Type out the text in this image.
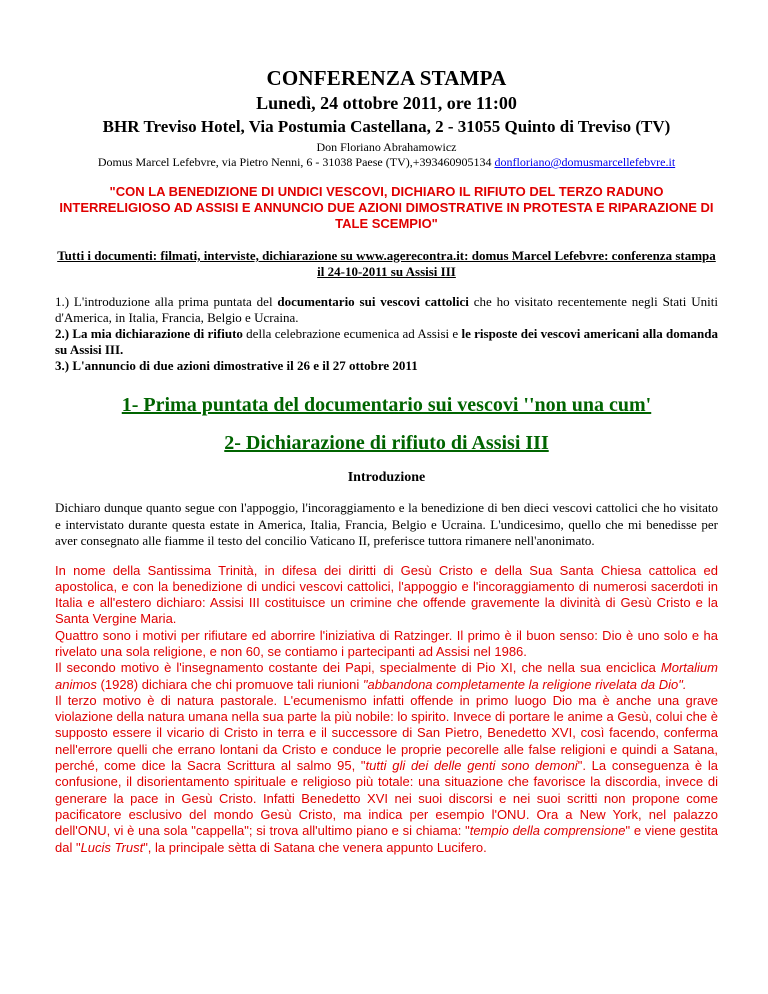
CONFERENZA STAMPA
Lunedì, 24 ottobre 2011, ore 11:00
BHR Treviso Hotel, Via Postumia Castellana, 2 - 31055 Quinto di Treviso (TV)
Don Floriano Abrahamowicz
Domus Marcel Lefebvre, via Pietro Nenni, 6 - 31038 Paese (TV),+393460905134 donfloriano@domusmarcellefebvre.it
"CON LA BENEDIZIONE DI UNDICI VESCOVI, DICHIARO IL RIFIUTO DEL TERZO RADUNO INTERRELIGIOSO AD ASSISI E ANNUNCIO DUE AZIONI DIMOSTRATIVE IN PROTESTA E RIPARAZIONE DI TALE SCEMPIO"
Tutti i documenti: filmati, interviste, dichiarazione su www.agerecontra.it: domus Marcel Lefebvre: conferenza stampa il 24-10-2011 su Assisi III

1.) L'introduzione alla prima puntata del documentario sui vescovi cattolici che ho visitato recentemente negli Stati Uniti d'America, in Italia, Francia, Belgio e Ucraina.

2.) La mia dichiarazione di rifiuto della celebrazione ecumenica ad Assisi e le risposte dei vescovi americani alla domanda su Assisi III.

3.) L'annuncio di due azioni dimostrative il 26 e il 27 ottobre 2011

1- Prima puntata del documentario sui vescovi ''non una cum'
2- Dichiarazione di rifiuto di Assisi III
Introduzione
Dichiaro dunque quanto segue con l'appoggio, l'incoraggiamento e la benedizione di ben dieci vescovi cattolici che ho visitato e intervistato durante questa estate in America, Italia, Francia, Belgio e Ucraina. L'undicesimo, quello che mi benedisse per aver consegnato alle fiamme il testo del concilio Vaticano II, preferisce tuttora rimanere nell'anonimato.

In nome della Santissima Trinità, in difesa dei diritti di Gesù Cristo e della Sua Santa Chiesa cattolica ed apostolica, e con la benedizione di undici vescovi cattolici, l'appoggio e l'incoraggiamento di numerosi sacerdoti in Italia e all'estero dichiaro: Assisi III costituisce un crimine che offende gravemente la divinità di Gesù Cristo e la Santa Vergine Maria.

Quattro sono i motivi per rifiutare ed aborrire l'iniziativa di Ratzinger. Il primo è il buon senso: Dio è uno solo e ha rivelato una sola religione, e non 60, se contiamo i partecipanti ad Assisi nel 1986.

Il secondo motivo è l'insegnamento costante dei Papi, specialmente di Pio XI, che nella sua enciclica Mortalium animos (1928) dichiara che chi promuove tali riunioni "abbandona completamente la religione rivelata da Dio".

Il terzo motivo è di natura pastorale. L'ecumenismo infatti offende in primo luogo Dio ma è anche una grave violazione della natura umana nella sua parte la più nobile: lo spirito. Invece di portare le anime a Gesù, colui che è supposto essere il vicario di Cristo in terra e il successore di San Pietro, Benedetto XVI, così facendo, conferma nell'errore quelli che errano lontani da Cristo e conduce le proprie pecorelle alle false religioni e quindi a Satana, perché, come dice la Sacra Scrittura al salmo 95, "tutti gli dei delle genti sono demoni". La conseguenza è la confusione, il disorientamento spirituale e religioso più totale: una situazione che favorisce la discordia, invece di generare la pace in Gesù Cristo. Infatti Benedetto XVI nei suoi discorsi e nei suoi scritti non propone come pacificatore esclusivo del mondo Gesù Cristo, ma indica per esempio l'ONU. Ora a New York, nel palazzo dell'ONU, vi è una sola "cappella"; si trova all'ultimo piano e si chiama: "tempio della comprensione" e viene gestita dal "Lucis Trust", la principale sètta di Satana che venera appunto Lucifero.
